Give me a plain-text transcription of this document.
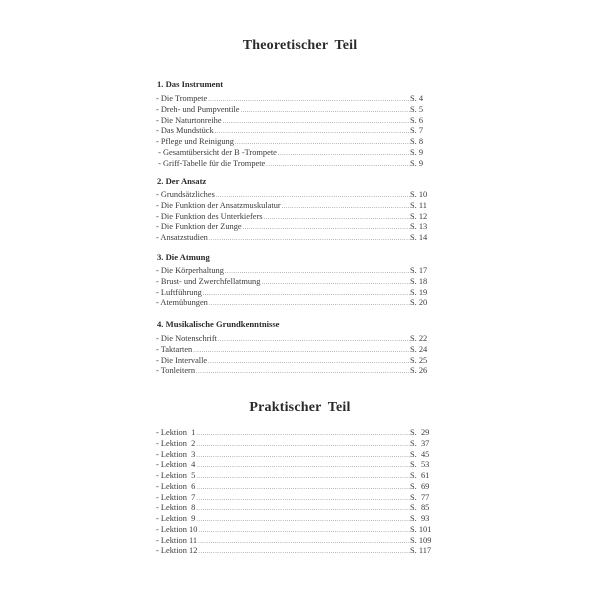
Theoretischer Teil
1. Das Instrument
- Die Trompete .....	S. 4
- Dreh- und Pumpventile .....	S. 5
- Die Naturtonreihe .....	S. 6
- Das Mundstück .....	S. 7
- Pflege und Reinigung .....	S. 8
- Gesamtübersicht der B -Trompete .....	S. 9
- Griff-Tabelle für die Trompete .....	S. 9
2. Der Ansatz
- Grundsätzliches .....	S. 10
- Die Funktion der Ansatzmuskulatur .....	S. 11
- Die Funktion des Unterkiefers .....	S. 12
- Die Funktion der Zunge .....	S. 13
- Ansatzstudien .....	S. 14
3. Die Atmung
- Die Körperhaltung .....	S. 17
- Brust- und Zwerchfellatmung .....	S. 18
- Luftführung .....	S. 19
- Atemübungen .....	S. 20
4. Musikalische Grundkenntnisse
- Die Notenschrift .....	S. 22
- Taktarten .....	S. 24
- Die Intervalle .....	S. 25
- Tonleitern .....	S. 26
Praktischer Teil
- Lektion  1 .....	S.  29
- Lektion  2 .....	S.  37
- Lektion  3 .....	S.  45
- Lektion  4 .....	S.  53
- Lektion  5 .....	S.  61
- Lektion  6 .....	S.  69
- Lektion  7 .....	S.  77
- Lektion  8 .....	S.  85
- Lektion  9 .....	S.  93
- Lektion 10 .....	S. 101
- Lektion 11 .....	S. 109
- Lektion 12 .....	S. 117
